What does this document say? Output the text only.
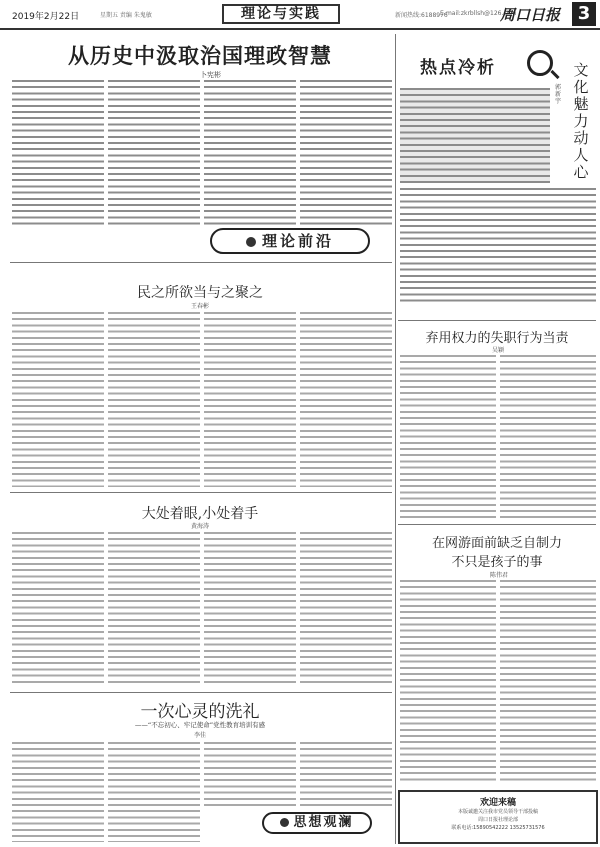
2019年2月22日	星期五 责编 朱鬼敏	新闻热线:6188976
E-mail:zkrbllsh@126.com
理论与实践	周口日报 3
从历史中汲取治国理政智慧
卜宪彬
理论前沿
民之所欲当与之聚之
王春彬
大处着眼,小处着手
黄海涛
一次心灵的洗礼
——“不忘初心、牢记使命”党性教育培训有感
李佳
思想观澜
热点冷析	文化魅力动人心
郭新宇
弃用权力的失职行为当责
吴颖
在网游面前缺乏自制力
不只是孩子的事
陈伟君
欢迎来稿
本版诚邀关注我市党员领导干部投稿
周口日报社理论部
联系电话:15890542222 13525731576
